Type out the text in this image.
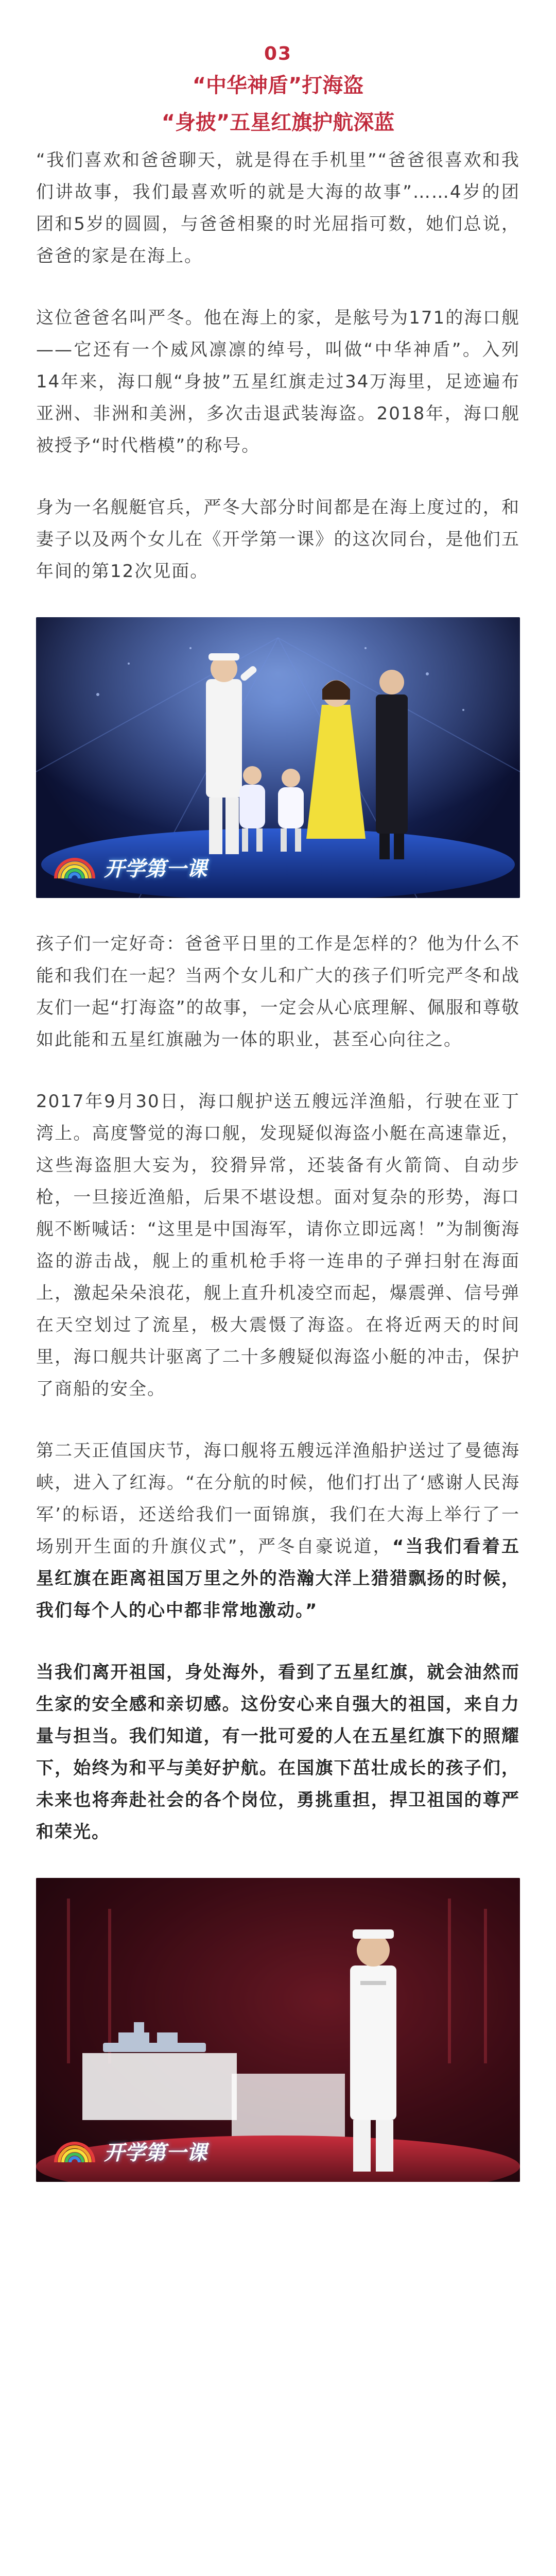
03
“中华神盾”打海盗
“身披”五星红旗护航深蓝

“我们喜欢和爸爸聊天，就是得在手机里”“爸爸很喜欢和我们讲故事，我们最喜欢听的就是大海的故事”……4岁的团团和5岁的圆圆，与爸爸相聚的时光屈指可数，她们总说，爸爸的家是在海上。

这位爸爸名叫严冬。他在海上的家，是舷号为171的海口舰——它还有一个威风凛凛的绰号，叫做“中华神盾”。入列14年来，海口舰“身披”五星红旗走过34万海里，足迹遍布亚洲、非洲和美洲，多次击退武装海盗。2018年，海口舰被授予“时代楷模”的称号。

身为一名舰艇官兵，严冬大部分时间都是在海上度过的，和妻子以及两个女儿在《开学第一课》的这次同台，是他们五年间的第12次见面。

开学第一课

孩子们一定好奇：爸爸平日里的工作是怎样的？他为什么不能和我们在一起？当两个女儿和广大的孩子们听完严冬和战友们一起“打海盗”的故事，一定会从心底理解、佩服和尊敬如此能和五星红旗融为一体的职业，甚至心向往之。

2017年9月30日，海口舰护送五艘远洋渔船，行驶在亚丁湾上。高度警觉的海口舰，发现疑似海盗小艇在高速靠近，这些海盗胆大妄为，狡猾异常，还装备有火箭筒、自动步枪，一旦接近渔船，后果不堪设想。面对复杂的形势，海口舰不断喊话：“这里是中国海军，请你立即远离！”为制衡海盗的游击战，舰上的重机枪手将一连串的子弹扫射在海面上，激起朵朵浪花，舰上直升机凌空而起，爆震弹、信号弹在天空划过了流星，极大震慑了海盗。在将近两天的时间里，海口舰共计驱离了二十多艘疑似海盗小艇的冲击，保护了商船的安全。

第二天正值国庆节，海口舰将五艘远洋渔船护送过了曼德海峡，进入了红海。“在分航的时候，他们打出了‘感谢人民海军’的标语，还送给我们一面锦旗，我们在大海上举行了一场别开生面的升旗仪式”，严冬自豪说道，“当我们看着五星红旗在距离祖国万里之外的浩瀚大洋上猎猎飘扬的时候，我们每个人的心中都非常地激动。”

当我们离开祖国，身处海外，看到了五星红旗，就会油然而生家的安全感和亲切感。这份安心来自强大的祖国，来自力量与担当。我们知道，有一批可爱的人在五星红旗下的照耀下，始终为和平与美好护航。在国旗下茁壮成长的孩子们，未来也将奔赴社会的各个岗位，勇挑重担，捍卫祖国的尊严和荣光。

开学第一课
